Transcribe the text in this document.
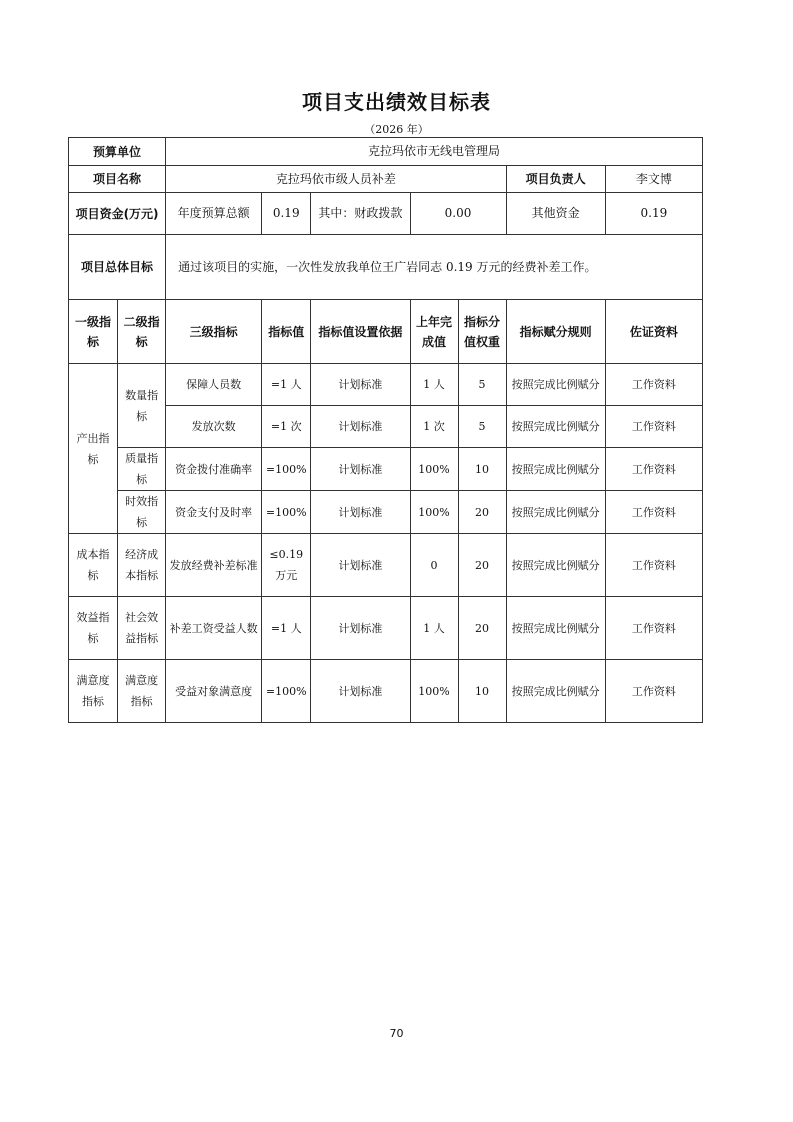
项目支出绩效目标表
（2026 年）
预算单位		克拉玛依市无线电管理局						
项目名称		克拉玛依市级人员补差					项目负责人	李文博
项目资金(万元)		年度预算总额	0.19	其中：财政拨款	0.00		其他资金	0.19
项目总体目标		通过该项目的实施，一次性发放我单位王广岩同志 0.19 万元的经费补差工作。						
一级指标	二级指标	三级指标	指标值	指标值设置依据	上年完成值	指标分值权重	指标赋分规则	佐证资料
产出指标	数量指标	保障人员数	=1 人	计划标准	1 人	5	按照完成比例赋分	工作资料
		发放次数	=1 次	计划标准	1 次	5	按照完成比例赋分	工作资料
	质量指标	资金拨付准确率	=100%	计划标准	100%	10	按照完成比例赋分	工作资料
	时效指标	资金支付及时率	=100%	计划标准	100%	20	按照完成比例赋分	工作资料
成本指标	经济成本指标	发放经费补差标准	≤0.19 万元	计划标准	0	20	按照完成比例赋分	工作资料
效益指标	社会效益指标	补差工资受益人数	=1 人	计划标准	1 人	20	按照完成比例赋分	工作资料
满意度指标	满意度指标	受益对象满意度	=100%	计划标准	100%	10	按照完成比例赋分	工作资料
70
